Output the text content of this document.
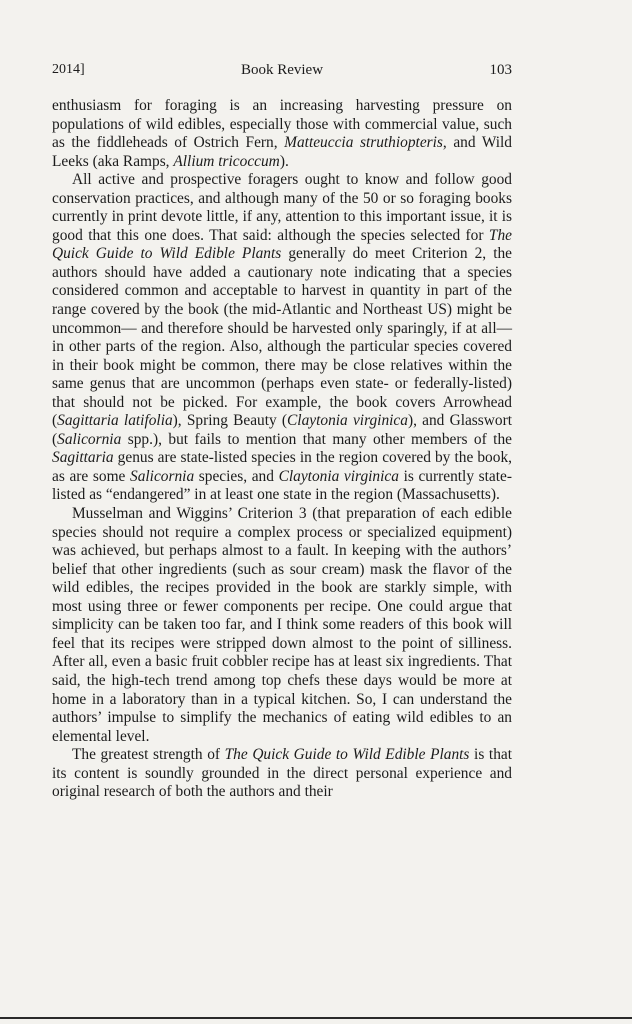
2014]	Book Review	103

enthusiasm for foraging is an increasing harvesting pressure on populations of wild edibles, especially those with commercial value, such as the fiddleheads of Ostrich Fern, Matteuccia struthiopteris, and Wild Leeks (aka Ramps, Allium tricoccum).

All active and prospective foragers ought to know and follow good conservation practices, and although many of the 50 or so foraging books currently in print devote little, if any, attention to this important issue, it is good that this one does. That said: although the species selected for The Quick Guide to Wild Edible Plants generally do meet Criterion 2, the authors should have added a cautionary note indicating that a species considered common and acceptable to harvest in quantity in part of the range covered by the book (the mid-Atlantic and Northeast US) might be uncommon— and therefore should be harvested only sparingly, if at all—in other parts of the region. Also, although the particular species covered in their book might be common, there may be close relatives within the same genus that are uncommon (perhaps even state- or federally-listed) that should not be picked. For example, the book covers Arrowhead (Sagittaria latifolia), Spring Beauty (Claytonia virginica), and Glasswort (Salicornia spp.), but fails to mention that many other members of the Sagittaria genus are state-listed species in the region covered by the book, as are some Salicornia species, and Claytonia virginica is currently state-listed as “endangered” in at least one state in the region (Massachusetts).

Musselman and Wiggins’ Criterion 3 (that preparation of each edible species should not require a complex process or specialized equipment) was achieved, but perhaps almost to a fault. In keeping with the authors’ belief that other ingredients (such as sour cream) mask the flavor of the wild edibles, the recipes provided in the book are starkly simple, with most using three or fewer components per recipe. One could argue that simplicity can be taken too far, and I think some readers of this book will feel that its recipes were stripped down almost to the point of silliness. After all, even a basic fruit cobbler recipe has at least six ingredients. That said, the high-tech trend among top chefs these days would be more at home in a laboratory than in a typical kitchen. So, I can understand the authors’ impulse to simplify the mechanics of eating wild edibles to an elemental level.

The greatest strength of The Quick Guide to Wild Edible Plants is that its content is soundly grounded in the direct personal experience and original research of both the authors and their
